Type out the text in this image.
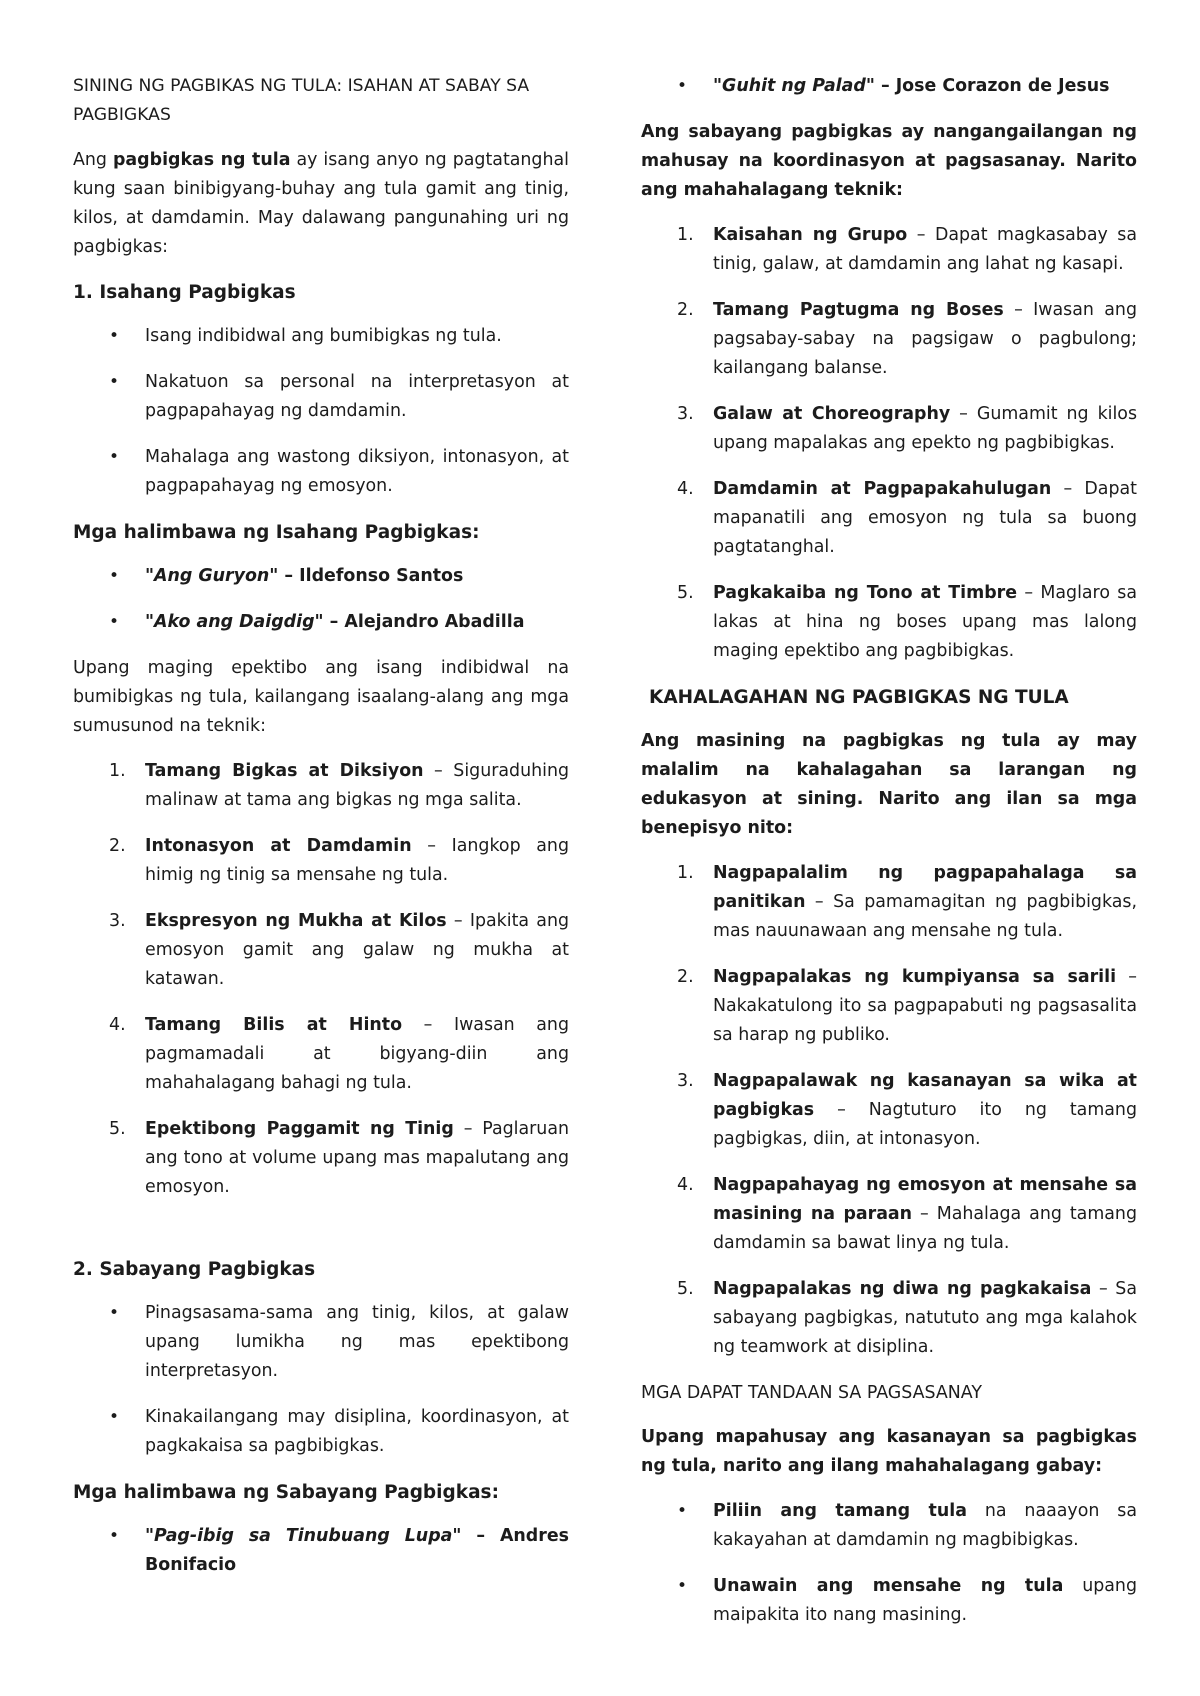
SINING NG PAGBIKAS NG TULA: ISAHAN AT SABAY SA PAGBIGKAS

Ang pagbigkas ng tula ay isang anyo ng pagtatanghal kung saan binibigyang-buhay ang tula gamit ang tinig, kilos, at damdamin. May dalawang pangunahing uri ng pagbigkas:

1. Isahang Pagbigkas
• Isang indibidwal ang bumibigkas ng tula.
• Nakatuon sa personal na interpretasyon at pagpapahayag ng damdamin.
• Mahalaga ang wastong diksiyon, intonasyon, at pagpapahayag ng emosyon.
Mga halimbawa ng Isahang Pagbigkas:
• "Ang Guryon" – Ildefonso Santos
• "Ako ang Daigdig" – Alejandro Abadilla

Upang maging epektibo ang isang indibidwal na bumibigkas ng tula, kailangang isaalang-alang ang mga sumusunod na teknik:

1. Tamang Bigkas at Diksiyon – Siguraduhing malinaw at tama ang bigkas ng mga salita.
2. Intonasyon at Damdamin – Iangkop ang himig ng tinig sa mensahe ng tula.
3. Ekspresyon ng Mukha at Kilos – Ipakita ang emosyon gamit ang galaw ng mukha at katawan.
4. Tamang Bilis at Hinto – Iwasan ang pagmamadali at bigyang-diin ang mahahalagang bahagi ng tula.
5. Epektibong Paggamit ng Tinig – Paglaruan ang tono at volume upang mas mapalutang ang emosyon.
2. Sabayang Pagbigkas
• Pinagsasama-sama ang tinig, kilos, at galaw upang lumikha ng mas epektibong interpretasyon.
• Kinakailangang may disiplina, koordinasyon, at pagkakaisa sa pagbibigkas.
Mga halimbawa ng Sabayang Pagbigkas:
• "Pag-ibig sa Tinubuang Lupa" – Andres Bonifacio
• "Guhit ng Palad" – Jose Corazon de Jesus

Ang sabayang pagbigkas ay nangangailangan ng mahusay na koordinasyon at pagsasanay. Narito ang mahahalagang teknik:

1. Kaisahan ng Grupo – Dapat magkasabay sa tinig, galaw, at damdamin ang lahat ng kasapi.
2. Tamang Pagtugma ng Boses – Iwasan ang pagsabay-sabay na pagsigaw o pagbulong; kailangang balanse.
3. Galaw at Choreography – Gumamit ng kilos upang mapalakas ang epekto ng pagbibigkas.
4. Damdamin at Pagpapakahulugan – Dapat mapanatili ang emosyon ng tula sa buong pagtatanghal.
5. Pagkakaiba ng Tono at Timbre – Maglaro sa lakas at hina ng boses upang mas lalong maging epektibo ang pagbibigkas.
KAHALAGAHAN NG PAGBIGKAS NG TULA

Ang masining na pagbigkas ng tula ay may malalim na kahalagahan sa larangan ng edukasyon at sining. Narito ang ilan sa mga benepisyo nito:

1. Nagpapalalim ng pagpapahalaga sa panitikan – Sa pamamagitan ng pagbibigkas, mas nauunawaan ang mensahe ng tula.
2. Nagpapalakas ng kumpiyansa sa sarili – Nakakatulong ito sa pagpapabuti ng pagsasalita sa harap ng publiko.
3. Nagpapalawak ng kasanayan sa wika at pagbigkas – Nagtuturo ito ng tamang pagbigkas, diin, at intonasyon.
4. Nagpapahayag ng emosyon at mensahe sa masining na paraan – Mahalaga ang tamang damdamin sa bawat linya ng tula.
5. Nagpapalakas ng diwa ng pagkakaisa – Sa sabayang pagbigkas, natututo ang mga kalahok ng teamwork at disiplina.
MGA DAPAT TANDAAN SA PAGSASANAY

Upang mapahusay ang kasanayan sa pagbigkas ng tula, narito ang ilang mahahalagang gabay:

• Piliin ang tamang tula na naaayon sa kakayahan at damdamin ng magbibigkas.
• Unawain ang mensahe ng tula upang maipakita ito nang masining.
